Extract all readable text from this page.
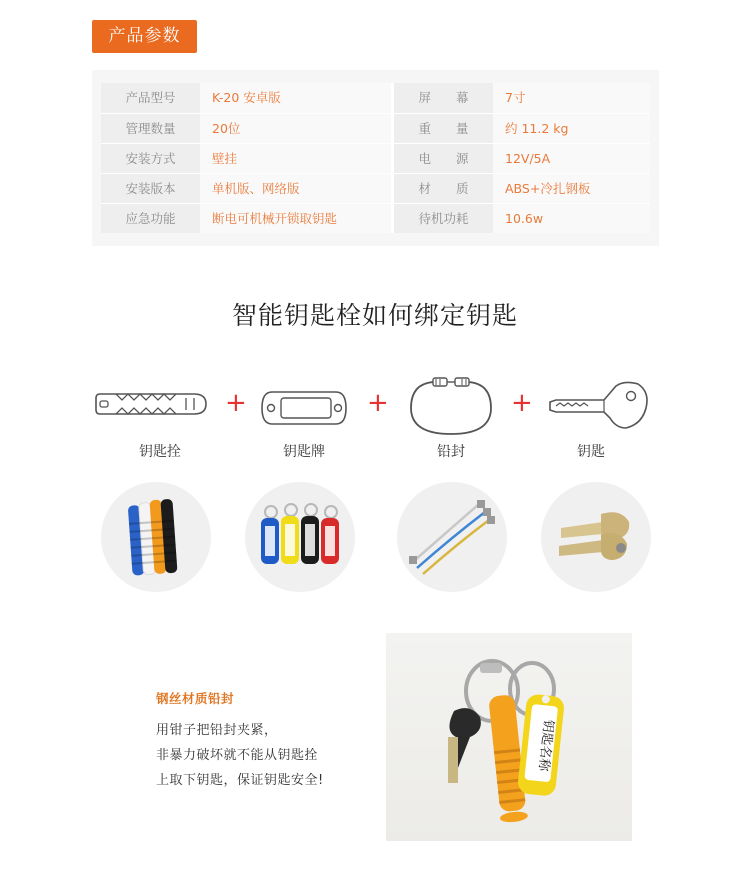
产品参数
产品型号	K-20 安卓版	屏　　幕	7寸
管理数量	20位	重　　量	约 11.2 kg
安装方式	壁挂	电　　源	12V/5A
安装版本	单机版、网络版	材　　质	ABS+冷扎钢板
应急功能	断电可机械开锁取钥匙	待机功耗	10.6w
智能钥匙栓如何绑定钥匙
+	+	+
钥匙拴	钥匙牌	铅封	钥匙
钢丝材质铅封
用钳子把铅封夹紧，
非暴力破坏就不能从钥匙拴
上取下钥匙，保证钥匙安全!
钥匙名称
